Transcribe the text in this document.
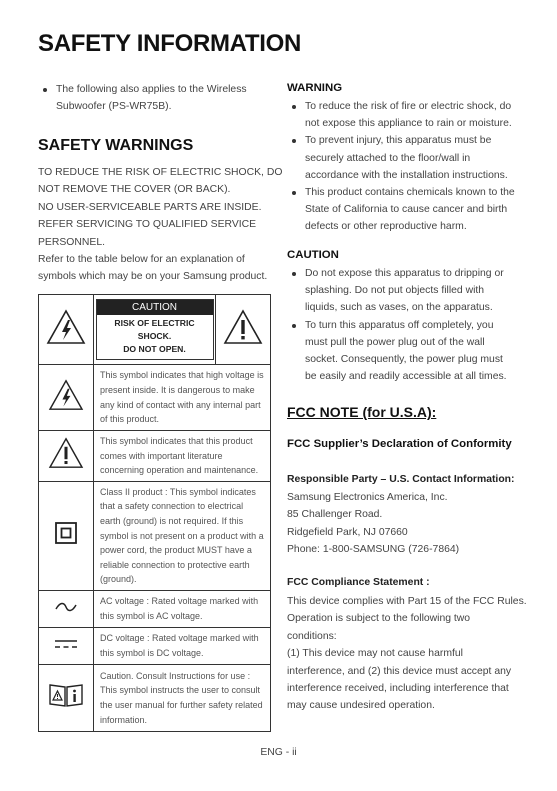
SAFETY INFORMATION
The following also applies to the Wireless
Subwoofer (PS-WR75B).
SAFETY WARNINGS
TO REDUCE THE RISK OF ELECTRIC SHOCK, DO
NOT REMOVE THE COVER (OR BACK).
NO USER-SERVICEABLE PARTS ARE INSIDE.
REFER SERVICING TO QUALIFIED SERVICE
PERSONNEL.
Refer to the table below for an explanation of
symbols which may be on your Samsung product.

CAUTION
RISK OF ELECTRIC SHOCK.
DO NOT OPEN.

	This symbol indicates that high voltage is present inside. It is dangerous to make any kind of contact with any internal part of this product.	
	This symbol indicates that this product comes with important literature concerning operation and maintenance.	
	Class II product : This symbol indicates that a safety connection to electrical earth (ground) is not required. If this symbol is not present on a product with a power cord, the product MUST have a reliable connection to protective earth (ground).	
	AC voltage : Rated voltage marked with this symbol is AC voltage.	
	DC voltage : Rated voltage marked with this symbol is DC voltage.	
	Caution. Consult Instructions for use : This symbol instructs the user to consult the user manual for further safety related information.	
WARNING
To reduce the risk of fire or electric shock, do
not expose this appliance to rain or moisture.
To prevent injury, this apparatus must be
securely attached to the floor/wall in
accordance with the installation instructions.
This product contains chemicals known to the
State of California to cause cancer and birth
defects or other reproductive harm.
CAUTION
Do not expose this apparatus to dripping or
splashing. Do not put objects filled with
liquids, such as vases, on the apparatus.
To turn this apparatus off completely, you
must pull the power plug out of the wall
socket. Consequently, the power plug must
be easily and readily accessible at all times.
FCC NOTE (for U.S.A):
FCC Supplier’s Declaration of Conformity
Responsible Party – U.S. Contact Information:
Samsung Electronics America, Inc.
85 Challenger Road.
Ridgefield Park, NJ 07660
Phone: 1-800-SAMSUNG (726-7864)
FCC Compliance Statement :
This device complies with Part 15 of the FCC Rules.
Operation is subject to the following two
conditions:
(1) This device may not cause harmful
interference, and (2) this device must accept any
interference received, including interference that
may cause undesired operation.
ENG - ii
